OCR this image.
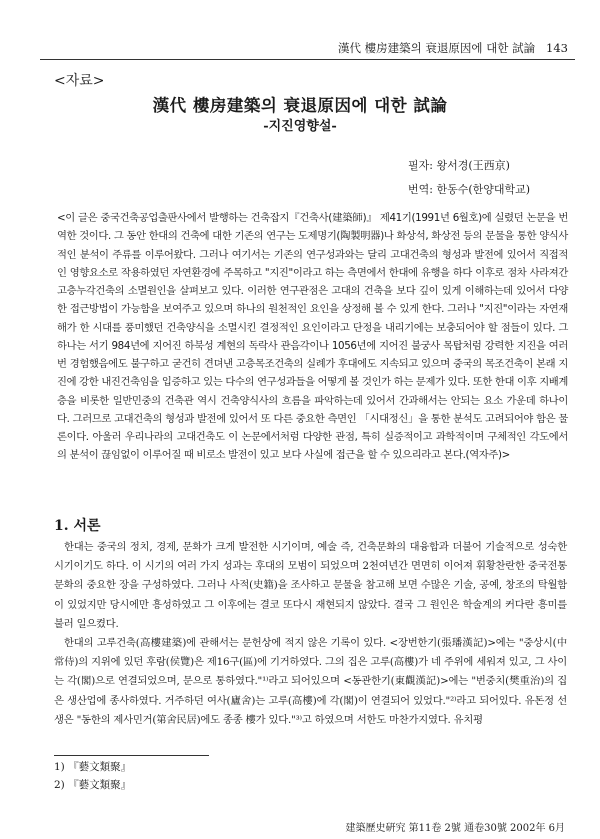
漢代 樓房建築의 衰退原因에 대한 試論 143
<자료>
漢代 樓房建築의 衰退原因에 대한 試論
-지진영향설-
필자: 왕서경(王西京)
번역: 한동수(한양대학교)
<이 글은 중국건축공업출판사에서 발행하는 건축잡지『건축사(建築師)』 제41기(1991년 6월호)에 실렸던 논문을 번역한 것이다. 그 동안 한대의 건축에 대한 기존의 연구는 도제명기(陶製明器)나 화상석, 화상전 등의 문물을 통한 양식사적인 분석이 주류를 이루어왔다. 그러나 여기서는 기존의 연구성과와는 달리 고대건축의 형성과 발전에 있어서 직접적인 영향요소로 작용하였던 자연환경에 주목하고 "지진"이라고 하는 측면에서 한대에 유행을 하다 이후로 점차 사라져간 고층누각건축의 소멸원인을 살펴보고 있다. 이러한 연구관점은 고대의 건축을 보다 깊이 있게 이해하는데 있어서 다양한 접근방법이 가능함을 보여주고 있으며 하나의 원천적인 요인을 상정해 볼 수 있게 한다. 그러나 "지진"이라는 자연재해가 한 시대를 풍미했던 건축양식을 소멸시킨 결정적인 요인이라고 단정을 내리기에는 보충되어야 할 점들이 있다. 그 하나는 서기 984년에 지어진 하북성 계현의 독락사 관음각이나 1056년에 지어진 불궁사 목탑처럼 강력한 지진을 여러 번 경험했음에도 불구하고 굳건히 견뎌낸 고층목조건축의 실례가 후대에도 지속되고 있으며 중국의 목조건축이 본래 지진에 강한 내진건축임을 입증하고 있는 다수의 연구성과들을 어떻게 볼 것인가 하는 문제가 있다. 또한 한대 이후 지배계층을 비롯한 일반민중의 건축관 역시 건축양식사의 흐름을 파악하는데 있어서 간과해서는 안되는 요소 가운데 하나이다. 그러므로 고대건축의 형성과 발전에 있어서 또 다른 중요한 측면인 「시대정신」을 통한 분석도 고려되어야 함은 물론이다. 아울러 우리나라의 고대건축도 이 논문에서처럼 다양한 관점, 특히 실증적이고 과학적이며 구체적인 각도에서의 분석이 끊임없이 이루어질 때 비로소 발전이 있고 보다 사실에 접근을 할 수 있으리라고 본다.(역자주)>
1. 서론

한대는 중국의 정치, 경제, 문화가 크게 발전한 시기이며, 예술 즉, 건축문화의 대융합과 더불어 기술적으로 성숙한 시기이기도 하다. 이 시기의 여러 가지 성과는 후대의 모범이 되었으며 2천여년간 면면히 이어져 휘황찬란한 중국전통문화의 중요한 장을 구성하였다. 그러나 사적(史籍)을 조사하고 문물을 참고해 보면 수많은 기술, 공예, 창조의 탁월함이 있었지만 당시에만 흥성하였고 그 이후에는 결코 또다시 재현되지 않았다. 결국 그 원인은 학술계의 커다란 흥미를 불러 일으켰다.

한대의 고루건축(高樓建築)에 관해서는 문헌상에 적지 않은 기록이 있다. <장번한기(張璠漢記)>에는 "중상시(中常侍)의 지위에 있던 후람(侯覽)은 제16구(區)에 기거하였다. 그의 집은 고루(高樓)가 네 주위에 세워져 있고, 그 사이는 각(閣)으로 연결되었으며, 문으로 통하였다."¹⁾라고 되어있으며 <동관한기(東觀漢記)>에는 "번중치(樊重治)의 집은 생산업에 종사하였다. 거주하던 여사(廬舍)는 고루(高樓)에 각(閣)이 연결되어 있었다."²⁾라고 되어있다. 유돈정 선생은 "동한의 제사민거(第舍民居)에도 종종 樓가 있다."³⁾고 하였으며 서한도 마찬가지였다. 유치평

1) 『藝文類聚』
2) 『藝文類聚』
建築歷史硏究 第11卷 2號 通卷30號 2002年 6月
